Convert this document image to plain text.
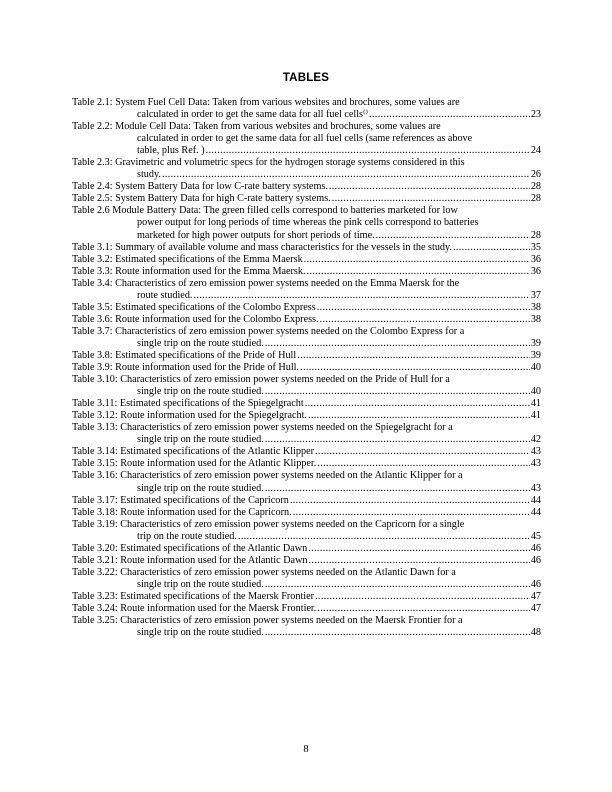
TABLES
Table 2.1: System Fuel Cell Data: Taken from various websites and brochures, some values are
calculated in order to get the same data for all fuel cells⁽⁾ . . .	23
Table 2.2: Module Cell Data: Taken from various websites and brochures, some values are
calculated in order to get the same data for all fuel cells (same references as above
table, plus Ref. ) . . .	24
Table 2.3: Gravimetric and volumetric specs for the hydrogen storage systems considered in this
study. . . .	26
Table 2.4: System Battery Data for low C-rate battery systems. . . .	28
Table 2.5: System Battery Data for high C-rate battery systems. . . .	28
Table 2.6 Module Battery Data: The green filled cells correspond to batteries marketed for low
power output for long periods of time whereas the pink cells correspond to batteries
marketed for high power outputs for short periods of time. . . .	28
Table 3.1: Summary of available volume and mass characteristics for the vessels in the study. . . .	35
Table 3.2: Estimated specifications of the Emma Maersk . . .	36
Table 3.3: Route information used for the Emma Maersk. . . .	36
Table 3.4: Characteristics of zero emission power systems needed on the Emma Maersk for the
route studied. . . .	37
Table 3.5: Estimated specifications of the Colombo Express . . .	38
Table 3.6: Route information used for the Colombo Express. . . .	38
Table 3.7: Characteristics of zero emission power systems needed on the Colombo Express for a
single trip on the route studied. . . .	39
Table 3.8: Estimated specifications of the Pride of Hull . . .	39
Table 3.9: Route information used for the Pride of Hull. . . .	40
Table 3.10: Characteristics of zero emission power systems needed on the Pride of Hull for a
single trip on the route studied. . . .	40
Table 3.11: Estimated specifications of the Spiegelgracht . . .	41
Table 3.12: Route information used for the Spiegelgracht. . . .	41
Table 3.13: Characteristics of zero emission power systems needed on the Spiegelgracht for a
single trip on the route studied. . . .	42
Table 3.14: Estimated specifications of the Atlantic Klipper . . .	43
Table 3.15: Route information used for the Atlantic Klipper. . . .	43
Table 3.16: Characteristics of zero emission power systems needed on the Atlantic Klipper for a
single trip on the route studied. . . .	43
Table 3.17: Estimated specifications of the Capricorn . . .	44
Table 3.18: Route information used for the Capricorn. . . .	44
Table 3.19: Characteristics of zero emission power systems needed on the Capricorn for a single
trip on the route studied. . . .	45
Table 3.20: Estimated specifications of the Atlantic Dawn . . .	46
Table 3.21: Route information used for the Atlantic Dawn . . .	46
Table 3.22: Characteristics of zero emission power systems needed on the Atlantic Dawn for a
single trip on the route studied. . . .	46
Table 3.23: Estimated specifications of the Maersk Frontier . . .	47
Table 3.24: Route information used for the Maersk Frontier. . . .	47
Table 3.25: Characteristics of zero emission power systems needed on the Maersk Frontier for a
single trip on the route studied. . . .	48
8
